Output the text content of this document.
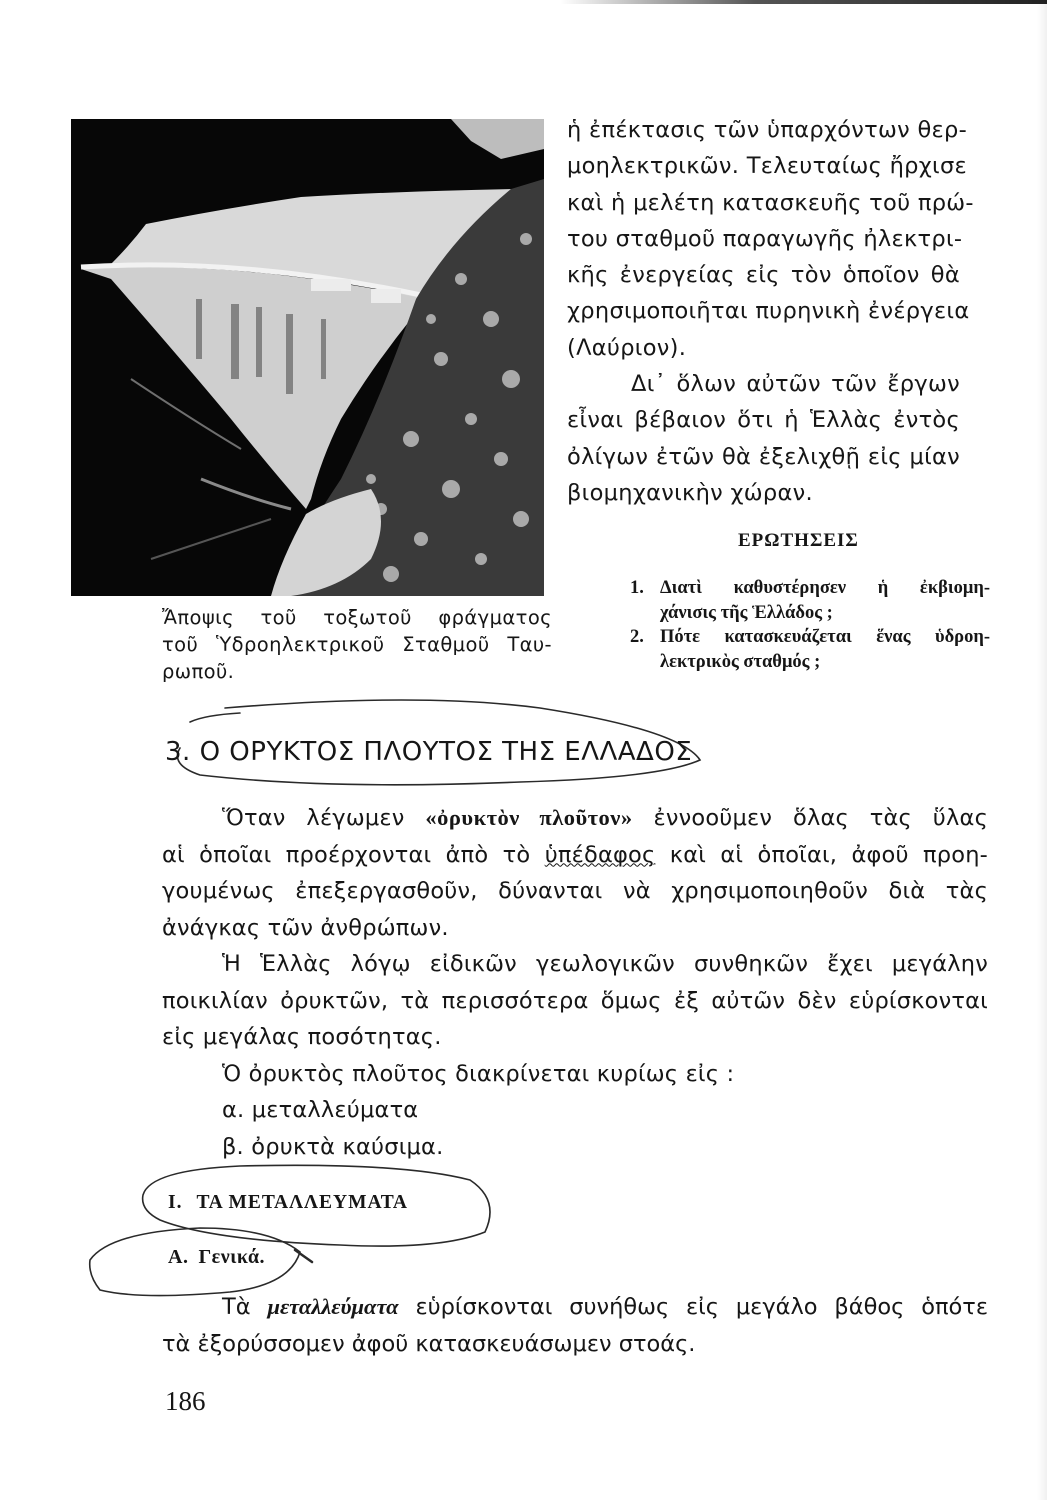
Ἄποψις τοῦ τοξωτοῦ φράγματος
τοῦ Ὑδροηλεκτρικοῦ Σταθμοῦ Ταυ-
ρωποῦ.
ἡ ἐπέκτασις τῶν ὑπαρχόντων θερ-
μοηλεκτρικῶν. Τελευταίως ἤρχισε
καὶ ἡ μελέτη κατασκευῆς τοῦ πρώ-
του σταθμοῦ παραγωγῆς ἠλεκτρι-
κῆς ἐνεργείας εἰς τὸν ὁποῖον θὰ
χρησιμοποιῆται πυρηνικὴ ἐνέργεια
(Λαύριον).
Δι᾽ ὅλων αὐτῶν τῶν ἔργων
εἶναι βέβαιον ὅτι ἡ Ἑλλὰς ἐντὸς
ὀλίγων ἐτῶν θὰ ἐξελιχθῇ εἰς μίαν
βιομηχανικὴν χώραν.
ΕΡΩΤΗΣΕΙΣ
1. Διατὶ καθυστέρησεν ἡ ἐκβιομη-
χάνισις τῆς Ἑλλάδος ;
2. Πότε κατασκευάζεται ἕνας ὑδροη-
λεκτρικὸς σταθμός ;
3. Ο ΟΡΥΚΤΟΣ ΠΛΟΥΤΟΣ ΤΗΣ ΕΛΛΑΔΟΣ
Ὅταν λέγωμεν «ὀρυκτὸν πλοῦτον» ἐννοοῦμεν ὅλας τὰς ὕλας
αἱ ὁποῖαι προέρχονται ἀπὸ τὸ ὑπέδαφος καὶ αἱ ὁποῖαι, ἀφοῦ προη-
γουμένως ἐπεξεργασθοῦν, δύνανται νὰ χρησιμοποιηθοῦν διὰ τὰς
ἀνάγκας τῶν ἀνθρώπων.
Ἡ Ἑλλὰς λόγῳ εἰδικῶν γεωλογικῶν συνθηκῶν ἔχει μεγάλην
ποικιλίαν ὀρυκτῶν, τὰ περισσότερα ὅμως ἐξ αὐτῶν δὲν εὑρίσκονται
εἰς μεγάλας ποσότητας.
Ὁ ὀρυκτὸς πλοῦτος διακρίνεται κυρίως εἰς :
α. μεταλλεύματα
β. ὀρυκτὰ καύσιμα.
Ι. ΤΑ ΜΕΤΑΛΛΕΥΜΑΤΑ
Α. Γενικά.
Τὰ μεταλλεύματα εὑρίσκονται συνήθως εἰς μεγάλο βάθος ὁπότε
τὰ ἐξορύσσομεν ἀφοῦ κατασκευάσωμεν στοάς.
186
